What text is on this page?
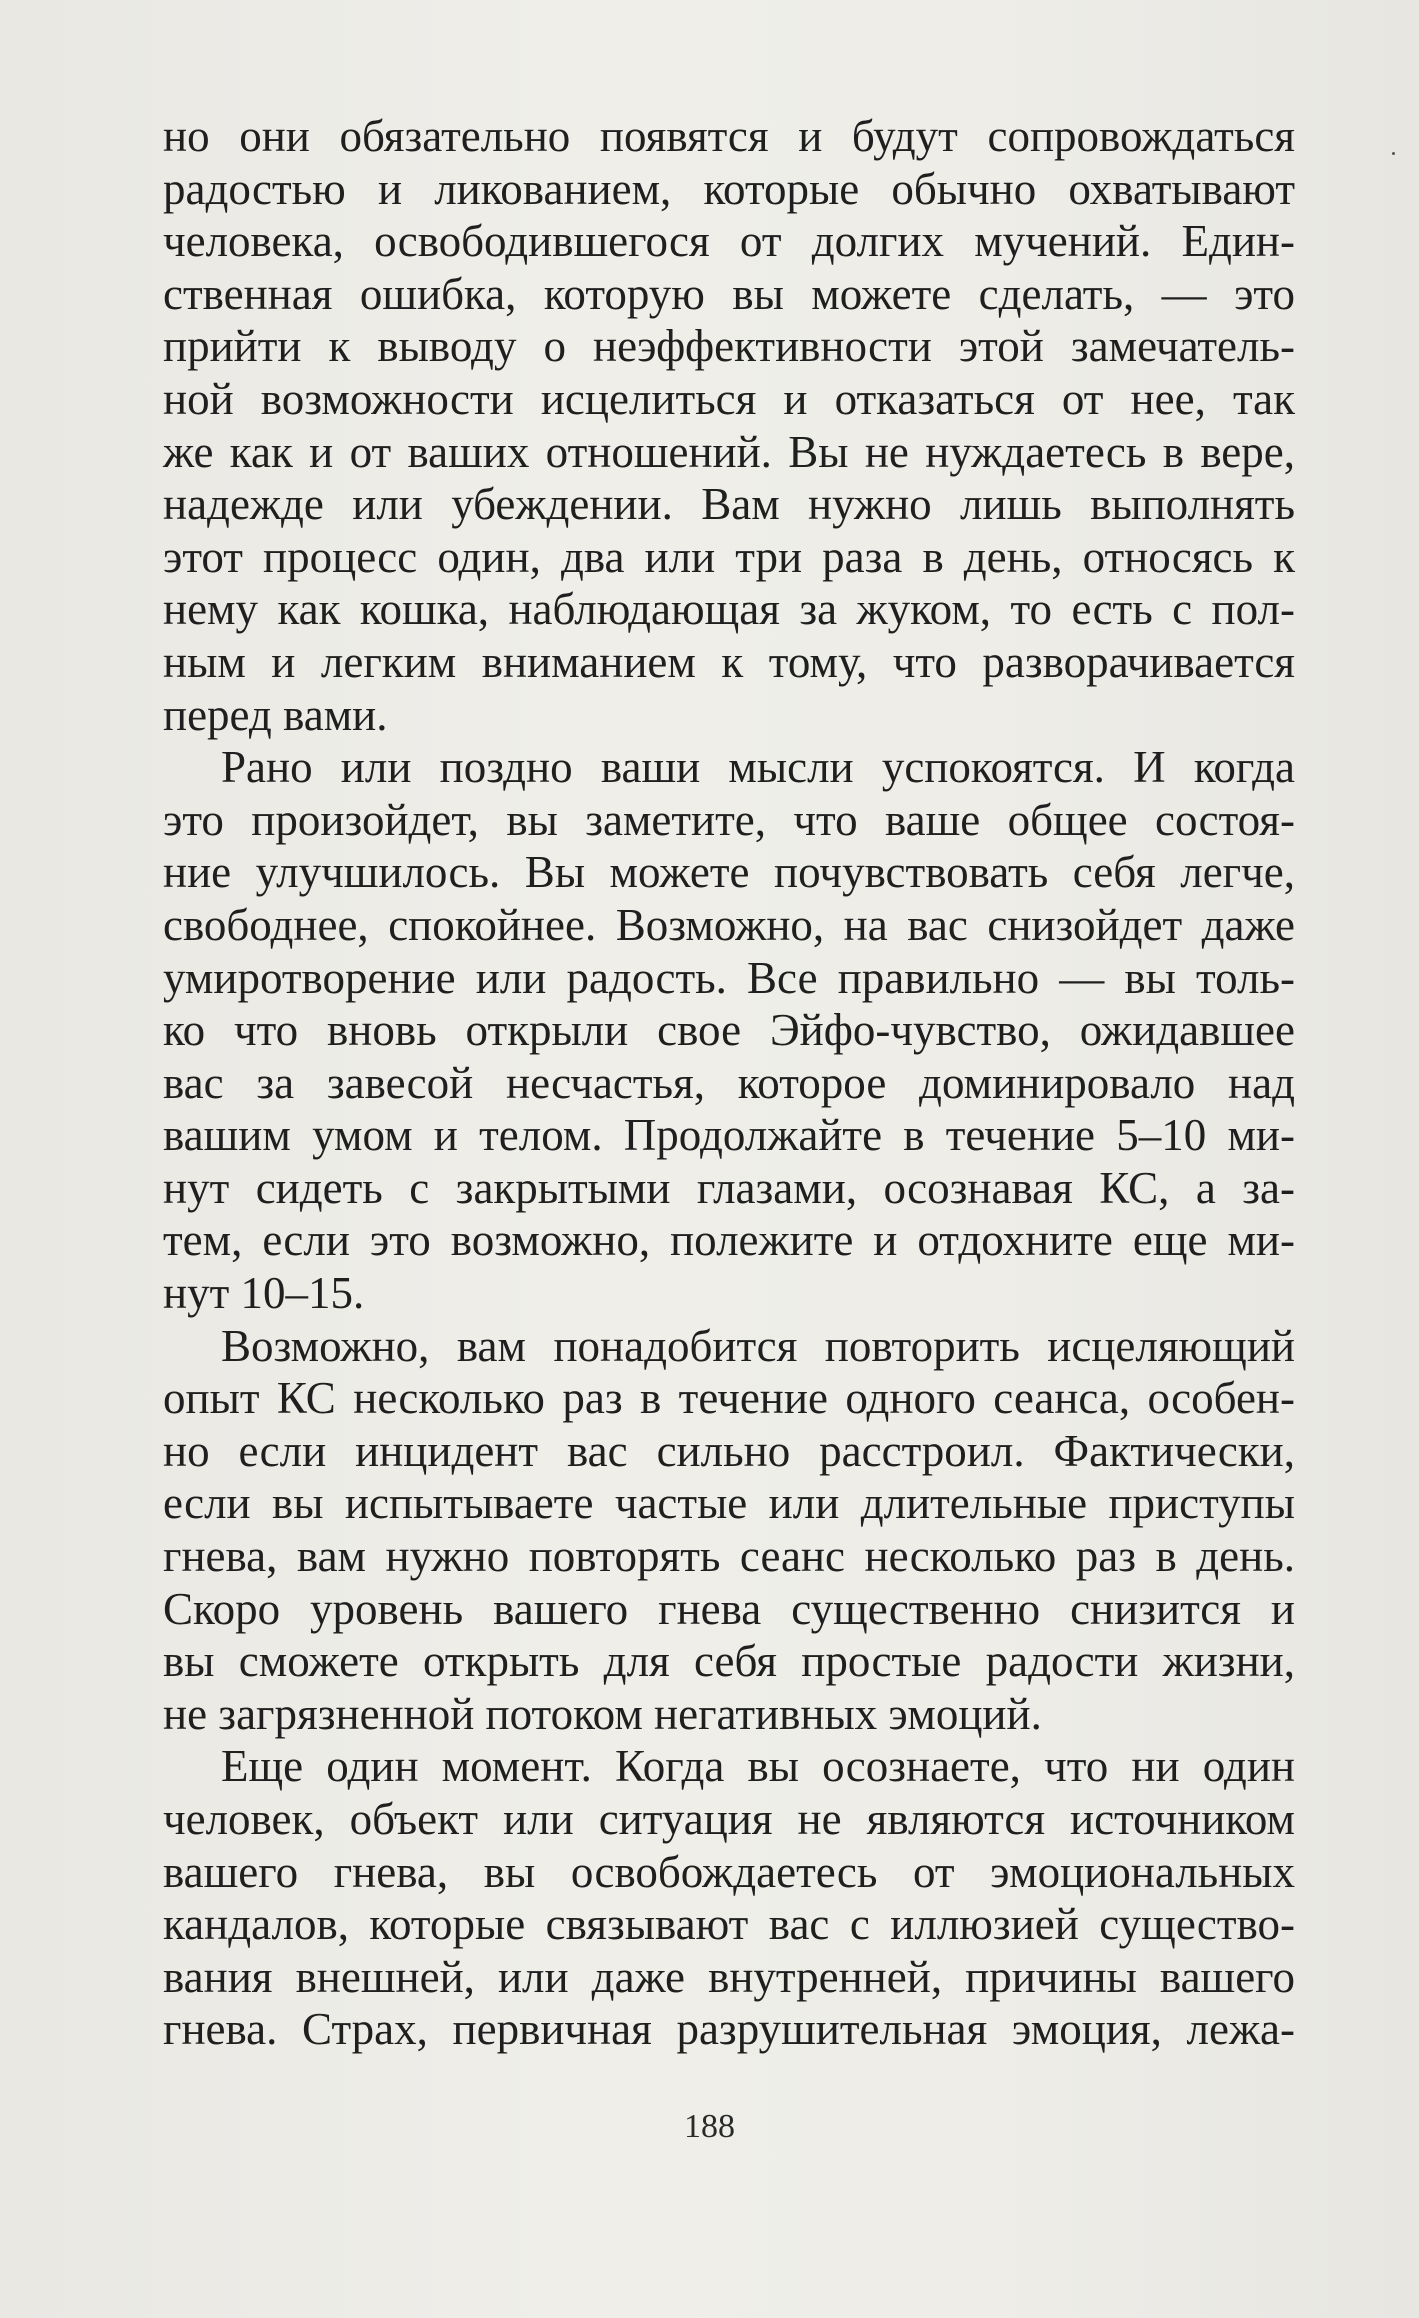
но они обязательно появятся и будут сопровождаться
радостью и ликованием, которые обычно охватывают
человека, освободившегося от долгих мучений. Един-
ственная ошибка, которую вы можете сделать, — это
прийти к выводу о неэффективности этой замечатель-
ной возможности исцелиться и отказаться от нее, так
же как и от ваших отношений. Вы не нуждаетесь в вере,
надежде или убеждении. Вам нужно лишь выполнять
этот процесс один, два или три раза в день, относясь к
нему как кошка, наблюдающая за жуком, то есть с пол-
ным и легким вниманием к тому, что разворачивается
перед вами.
Рано или поздно ваши мысли успокоятся. И когда
это произойдет, вы заметите, что ваше общее состоя-
ние улучшилось. Вы можете почувствовать себя легче,
свободнее, спокойнее. Возможно, на вас снизойдет даже
умиротворение или радость. Все правильно — вы толь-
ко что вновь открыли свое Эйфо-чувство, ожидавшее
вас за завесой несчастья, которое доминировало над
вашим умом и телом. Продолжайте в течение 5–10 ми-
нут сидеть с закрытыми глазами, осознавая КС, а за-
тем, если это возможно, полежите и отдохните еще ми-
нут 10–15.
Возможно, вам понадобится повторить исцеляющий
опыт КС несколько раз в течение одного сеанса, особен-
но если инцидент вас сильно расстроил. Фактически,
если вы испытываете частые или длительные приступы
гнева, вам нужно повторять сеанс несколько раз в день.
Скоро уровень вашего гнева существенно снизится и
вы сможете открыть для себя простые радости жизни,
не загрязненной потоком негативных эмоций.
Еще один момент. Когда вы осознаете, что ни один
человек, объект или ситуация не являются источником
вашего гнева, вы освобождаетесь от эмоциональных
кандалов, которые связывают вас с иллюзией существо-
вания внешней, или даже внутренней, причины вашего
гнева. Страх, первичная разрушительная эмоция, лежа-
188
